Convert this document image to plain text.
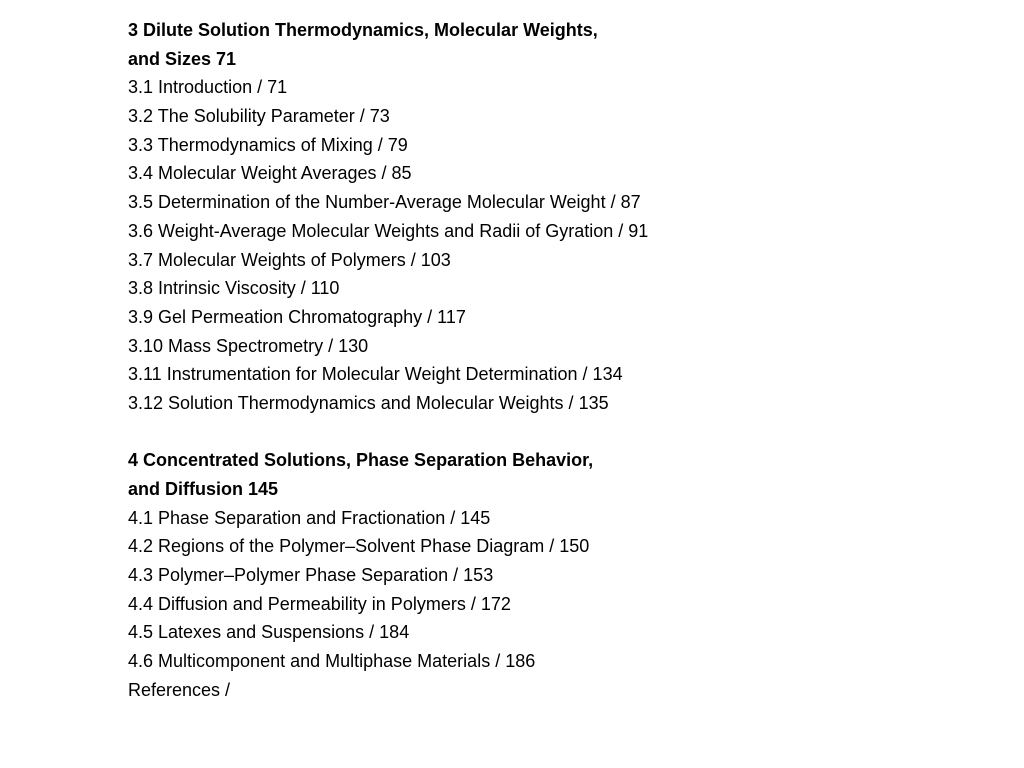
3 Dilute Solution Thermodynamics, Molecular Weights,
and Sizes 71
3.1 Introduction / 71
3.2 The Solubility Parameter / 73
3.3 Thermodynamics of Mixing / 79
3.4 Molecular Weight Averages / 85
3.5 Determination of the Number-Average Molecular Weight / 87
3.6 Weight-Average Molecular Weights and Radii of Gyration / 91
3.7 Molecular Weights of Polymers / 103
3.8 Intrinsic Viscosity / 110
3.9 Gel Permeation Chromatography / 117
3.10 Mass Spectrometry / 130
3.11 Instrumentation for Molecular Weight Determination / 134
3.12 Solution Thermodynamics and Molecular Weights / 135
4 Concentrated Solutions, Phase Separation Behavior,
and Diffusion 145
4.1 Phase Separation and Fractionation / 145
4.2 Regions of the Polymer–Solvent Phase Diagram / 150
4.3 Polymer–Polymer Phase Separation / 153
4.4 Diffusion and Permeability in Polymers / 172
4.5 Latexes and Suspensions / 184
4.6 Multicomponent and Multiphase Materials / 186
References /
